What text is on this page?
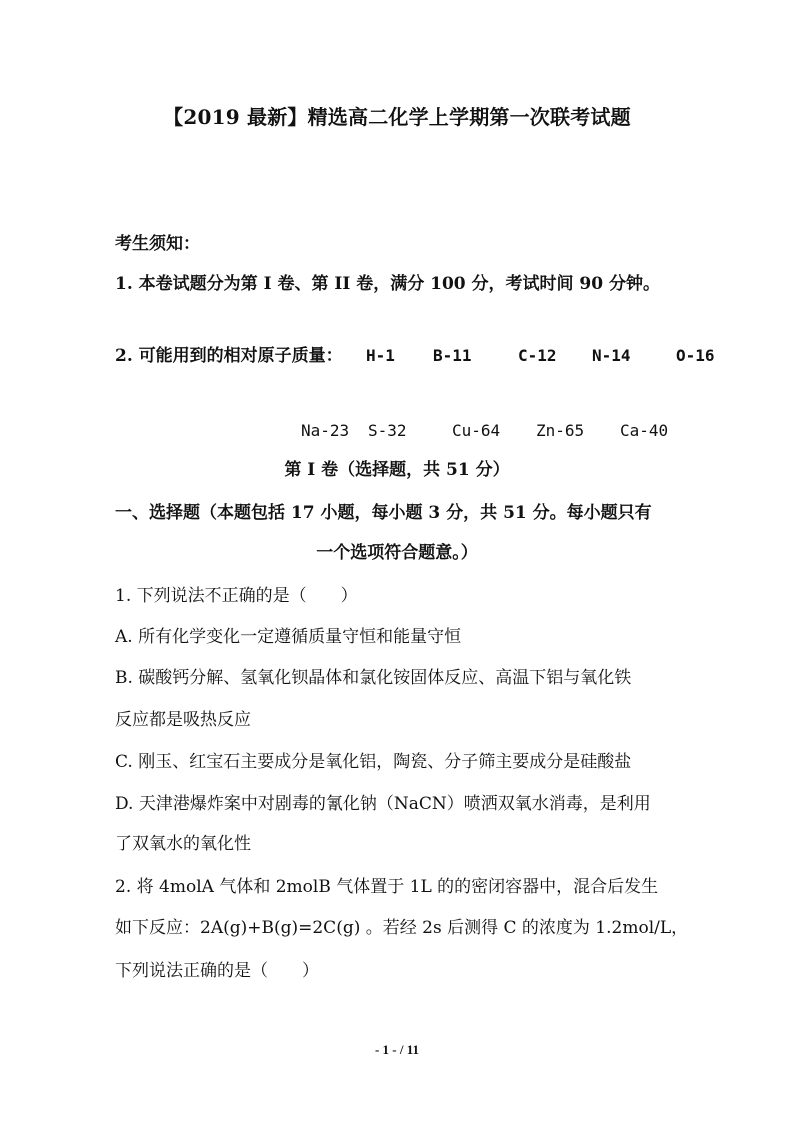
【2019 最新】精选高二化学上学期第一次联考试题
考生须知：
1. 本卷试题分为第 I 卷、第 II 卷，满分 100 分，考试时间 90 分钟。
2. 可能用到的相对原子质量： H-1 B-11	C-12 N-14	O-16
Na-23 S-32	Cu-64 Zn-65 Ca-40
第 I 卷（选择题，共 51 分）
一、选择题（本题包括 17 小题，每小题 3 分，共 51 分。每小题只有
一个选项符合题意。）
1. 下列说法不正确的是（　　）
A. 所有化学变化一定遵循质量守恒和能量守恒
B. 碳酸钙分解、氢氧化钡晶体和氯化铵固体反应、高温下铝与氧化铁
反应都是吸热反应
C. 刚玉、红宝石主要成分是氧化铝，陶瓷、分子筛主要成分是硅酸盐
D. 天津港爆炸案中对剧毒的氰化钠（NaCN）喷洒双氧水消毒，是利用
了双氧水的氧化性
2. 将 4molA 气体和 2molB 气体置于 1L 的的密闭容器中，混合后发生
如下反应：2A(g)+B(g)=2C(g) 。若经 2s 后测得 C 的浓度为 1.2mol/L，
下列说法正确的是（　　）
- 1 - / 11
